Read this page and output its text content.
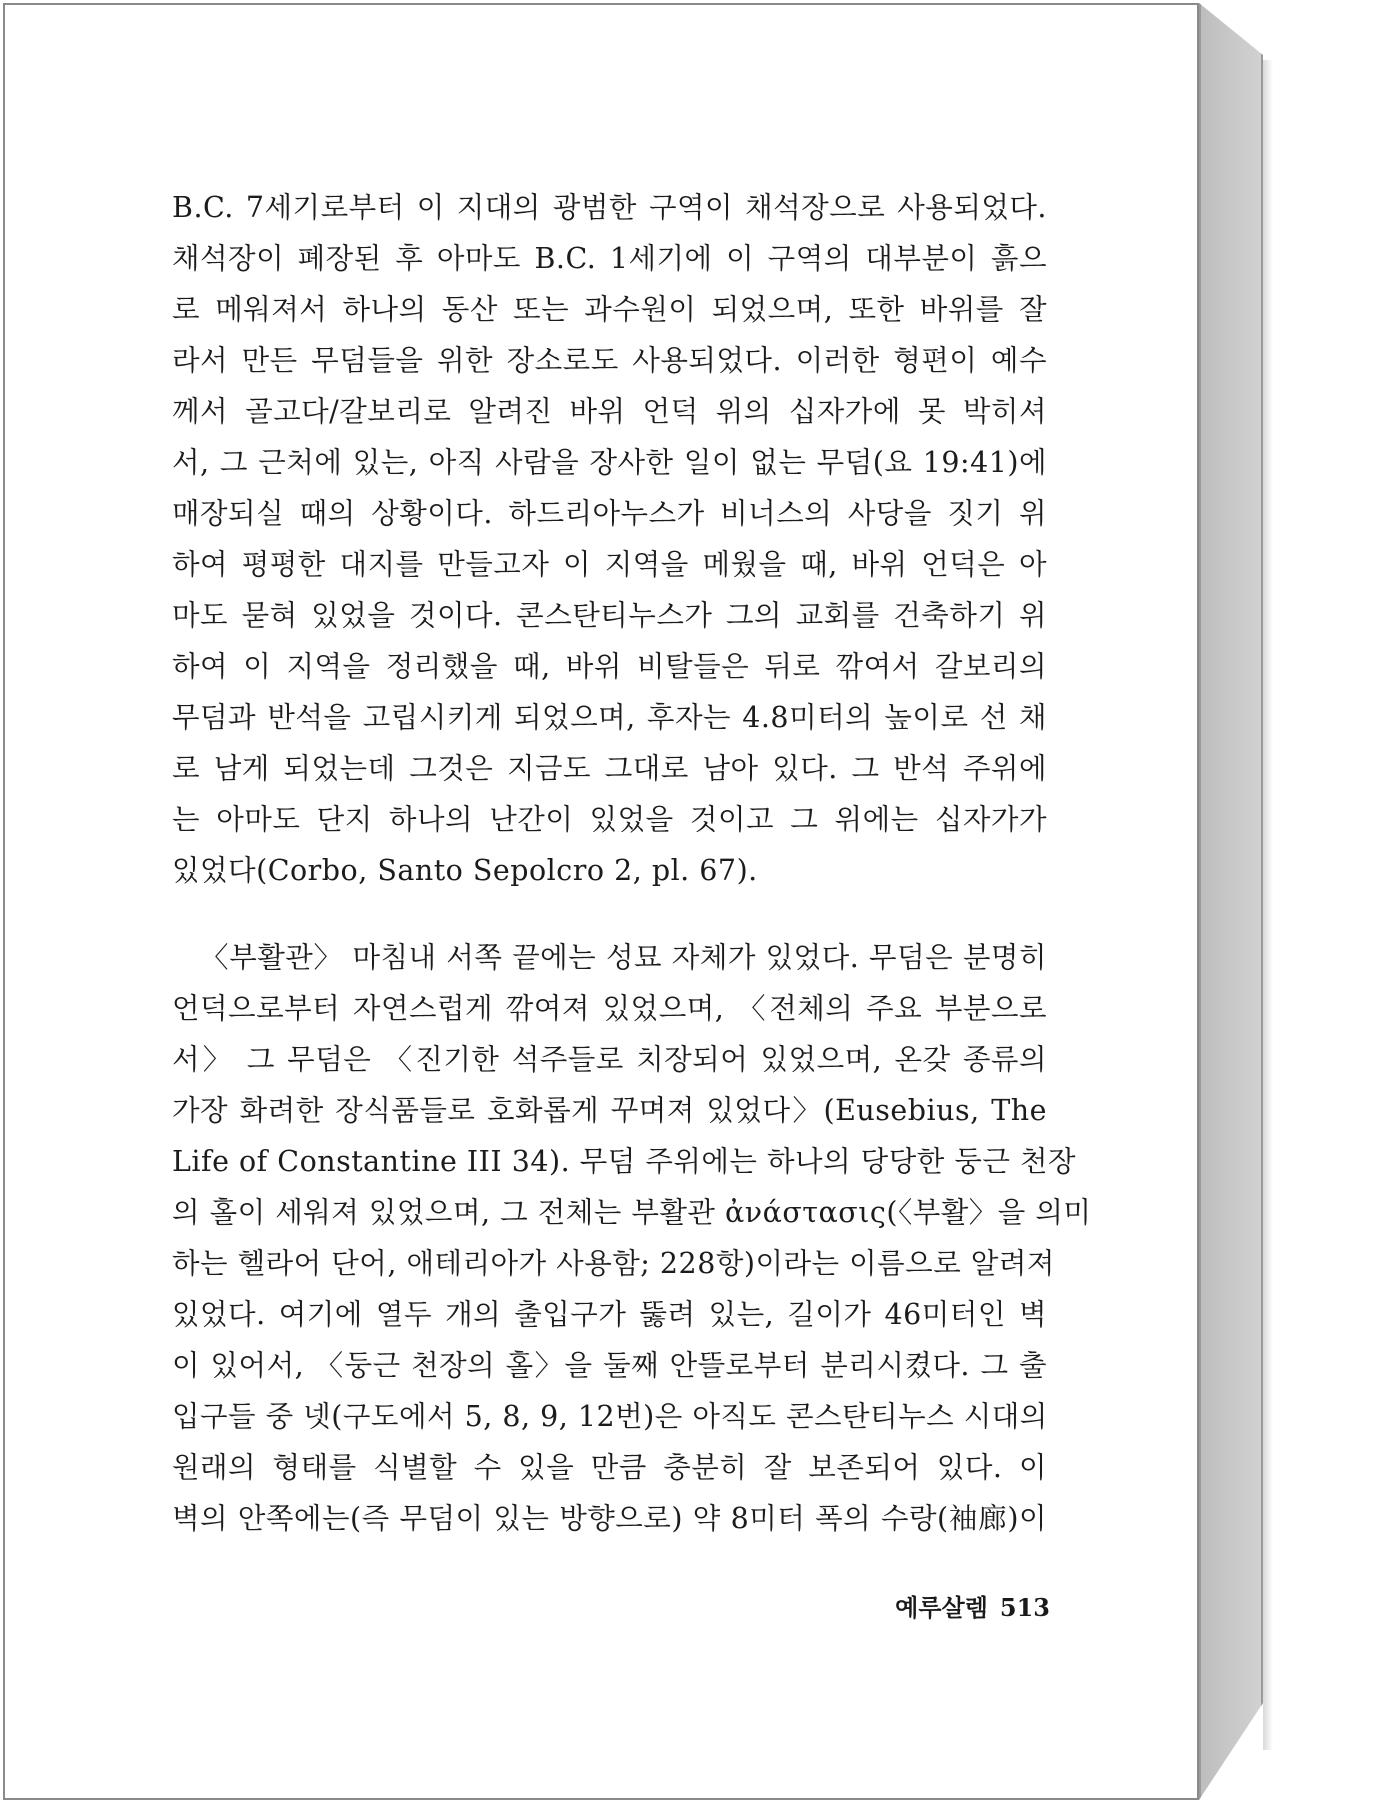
B.C. 7세기로부터 이 지대의 광범한 구역이 채석장으로 사용되었다.
채석장이 폐장된 후 아마도 B.C. 1세기에 이 구역의 대부분이 흙으
로 메워져서 하나의 동산 또는 과수원이 되었으며, 또한 바위를 잘
라서 만든 무덤들을 위한 장소로도 사용되었다. 이러한 형편이 예수
께서 골고다/갈보리로 알려진 바위 언덕 위의 십자가에 못 박히셔
서, 그 근처에 있는, 아직 사람을 장사한 일이 없는 무덤(요 19:41)에
매장되실 때의 상황이다. 하드리아누스가 비너스의 사당을 짓기 위
하여 평평한 대지를 만들고자 이 지역을 메웠을 때, 바위 언덕은 아
마도 묻혀 있었을 것이다. 콘스탄티누스가 그의 교회를 건축하기 위
하여 이 지역을 정리했을 때, 바위 비탈들은 뒤로 깎여서 갈보리의
무덤과 반석을 고립시키게 되었으며, 후자는 4.8미터의 높이로 선 채
로 남게 되었는데 그것은 지금도 그대로 남아 있다. 그 반석 주위에
는 아마도 단지 하나의 난간이 있었을 것이고 그 위에는 십자가가
있었다(Corbo, Santo Sepolcro 2, pl. 67).
〈부활관〉 마침내 서쪽 끝에는 성묘 자체가 있었다. 무덤은 분명히
언덕으로부터 자연스럽게 깎여져 있었으며, 〈전체의 주요 부분으로
서〉 그 무덤은 〈진기한 석주들로 치장되어 있었으며, 온갖 종류의
가장 화려한 장식품들로 호화롭게 꾸며져 있었다〉(Eusebius, The
Life of Constantine III 34). 무덤 주위에는 하나의 당당한 둥근 천장
의 홀이 세워져 있었으며, 그 전체는 부활관 ἀνάστασις(〈부활〉을 의미
하는 헬라어 단어, 애테리아가 사용함; 228항)이라는 이름으로 알려져
있었다. 여기에 열두 개의 출입구가 뚫려 있는, 길이가 46미터인 벽
이 있어서, 〈둥근 천장의 홀〉을 둘째 안뜰로부터 분리시켰다. 그 출
입구들 중 넷(구도에서 5, 8, 9, 12번)은 아직도 콘스탄티누스 시대의
원래의 형태를 식별할 수 있을 만큼 충분히 잘 보존되어 있다. 이
벽의 안쪽에는(즉 무덤이 있는 방향으로) 약 8미터 폭의 수랑(袖廊)이
예루살렘 513
